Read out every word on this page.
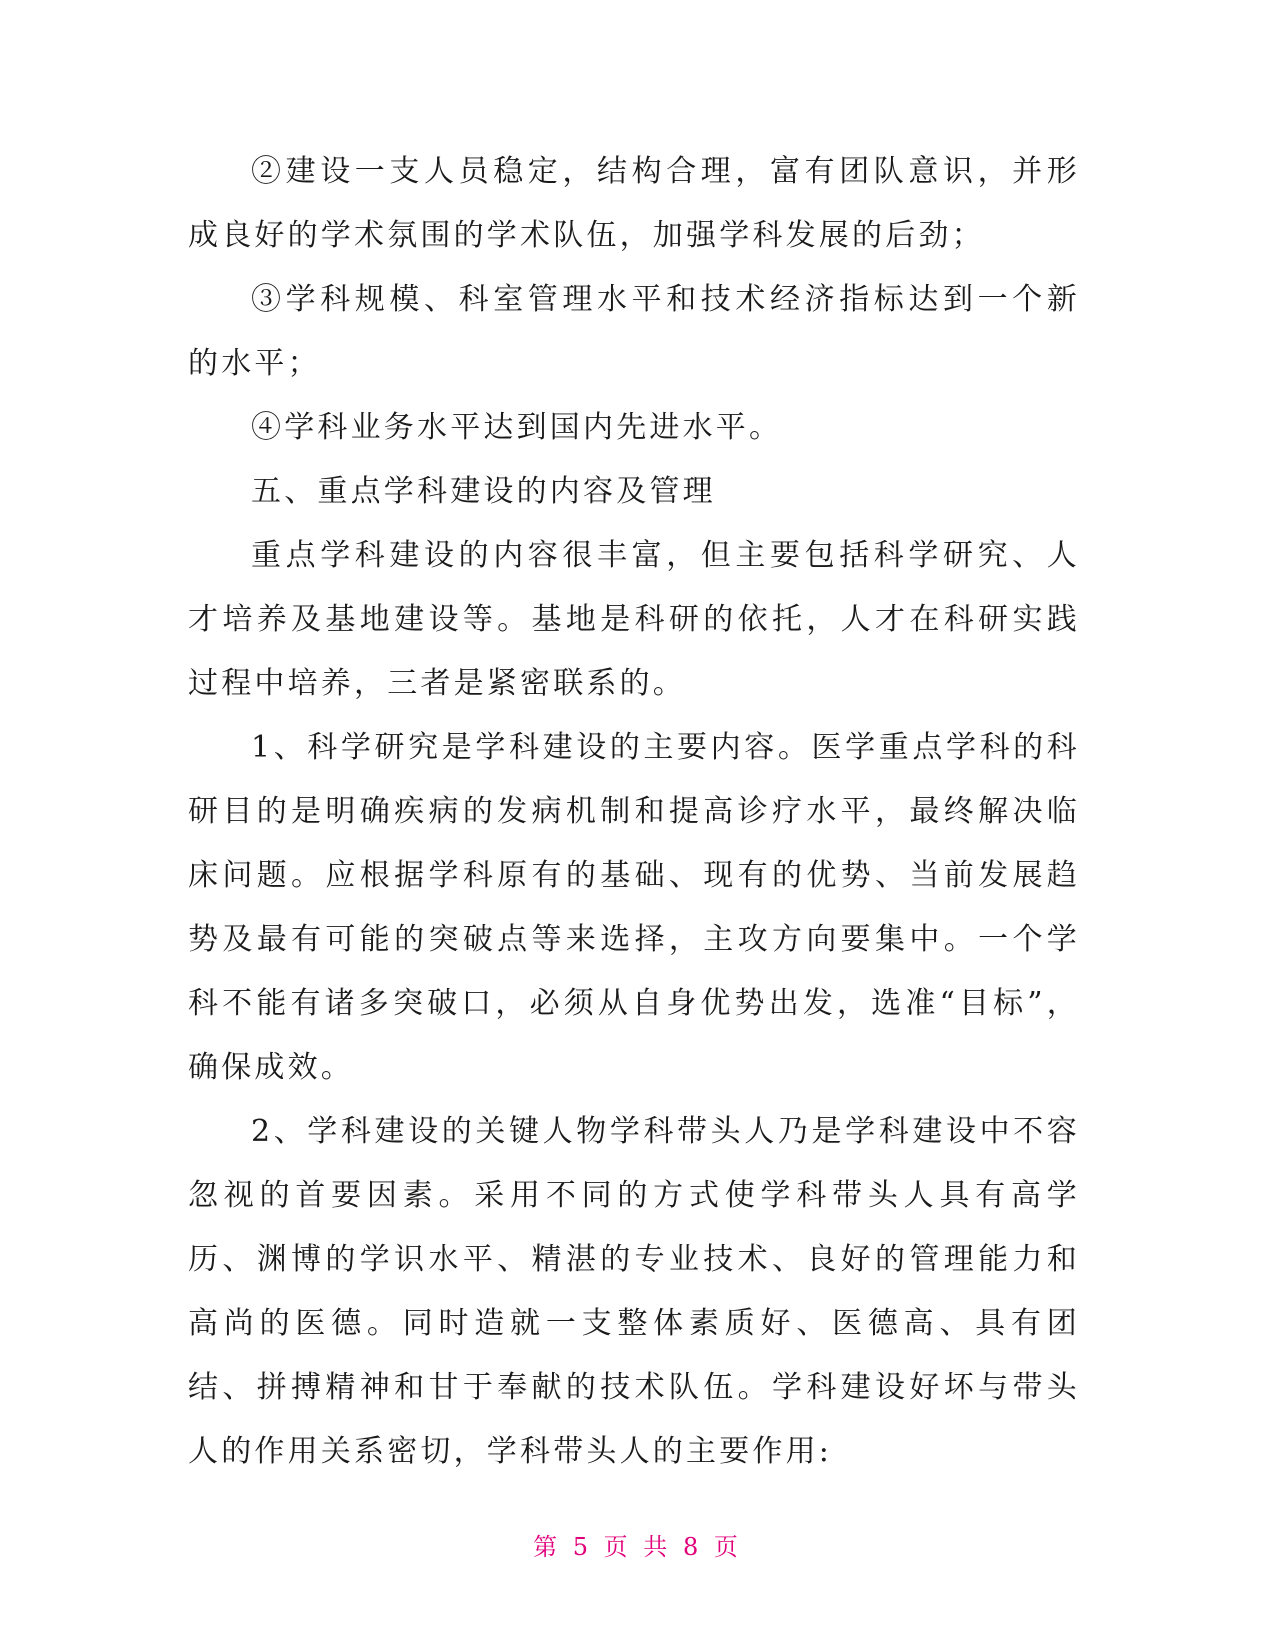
②建设一支人员稳定，结构合理，富有团队意识，并形成良好的学术氛围的学术队伍，加强学科发展的后劲；

③学科规模、科室管理水平和技术经济指标达到一个新的水平；

④学科业务水平达到国内先进水平。

五、重点学科建设的内容及管理

重点学科建设的内容很丰富，但主要包括科学研究、人才培养及基地建设等。基地是科研的依托，人才在科研实践过程中培养，三者是紧密联系的。

1、科学研究是学科建设的主要内容。医学重点学科的科研目的是明确疾病的发病机制和提高诊疗水平，最终解决临床问题。应根据学科原有的基础、现有的优势、当前发展趋势及最有可能的突破点等来选择，主攻方向要集中。一个学科不能有诸多突破口，必须从自身优势出发，选准“目标”，确保成效。

2、学科建设的关键人物学科带头人乃是学科建设中不容忽视的首要因素。采用不同的方式使学科带头人具有高学历、渊博的学识水平、精湛的专业技术、良好的管理能力和高尚的医德。同时造就一支整体素质好、医德高、具有团结、拼搏精神和甘于奉献的技术队伍。学科建设好坏与带头人的作用关系密切，学科带头人的主要作用:

第 5 页 共 8 页
